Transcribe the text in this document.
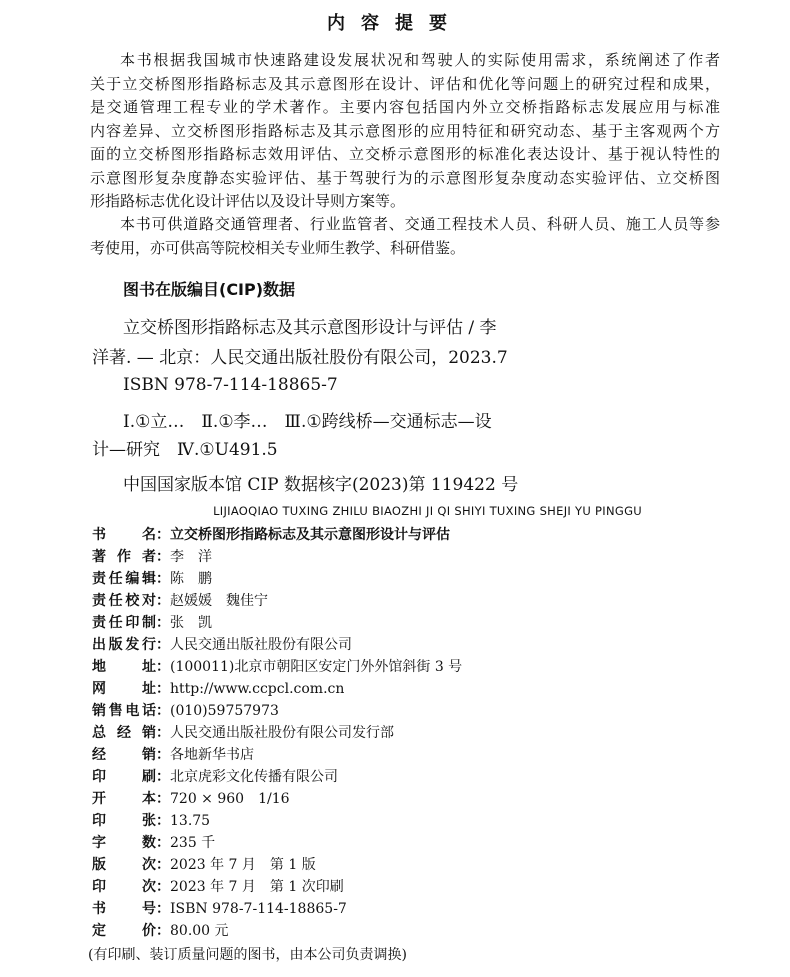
内容提要
本书根据我国城市快速路建设发展状况和驾驶人的实际使用需求，系统阐述了作者
关于立交桥图形指路标志及其示意图形在设计、评估和优化等问题上的研究过程和成果，
是交通管理工程专业的学术著作。主要内容包括国内外立交桥指路标志发展应用与标准
内容差异、立交桥图形指路标志及其示意图形的应用特征和研究动态、基于主客观两个方
面的立交桥图形指路标志效用评估、立交桥示意图形的标准化表达设计、基于视认特性的
示意图形复杂度静态实验评估、基于驾驶行为的示意图形复杂度动态实验评估、立交桥图
形指路标志优化设计评估以及设计导则方案等。
本书可供道路交通管理者、行业监管者、交通工程技术人员、科研人员、施工人员等参
考使用，亦可供高等院校相关专业师生教学、科研借鉴。
图书在版编目(CIP)数据
立交桥图形指路标志及其示意图形设计与评估 / 李
洋著. — 北京：人民交通出版社股份有限公司，2023.7
ISBN 978-7-114-18865-7
Ⅰ.①立…　Ⅱ.①李…　Ⅲ.①跨线桥—交通标志—设
计—研究　Ⅳ.①U491.5
中国国家版本馆 CIP 数据核字(2023)第 119422 号
LIJIAOQIAO TUXING ZHILU BIAOZHI JI QI SHIYI TUXING SHEJI YU PINGGU
书名：立交桥图形指路标志及其示意图形设计与评估
著作者：李　洋
责任编辑：陈　鹏
责任校对：赵媛媛　魏佳宁
责任印制：张　凯
出版发行：人民交通出版社股份有限公司
地址：(100011)北京市朝阳区安定门外外馆斜街 3 号
网址：http://www.ccpcl.com.cn
销售电话：(010)59757973
总经销：人民交通出版社股份有限公司发行部
经销：各地新华书店
印刷：北京虎彩文化传播有限公司
开本：720 × 960　1/16
印张：13.75
字数：235 千
版次：2023 年 7 月　第 1 版
印次：2023 年 7 月　第 1 次印刷
书号：ISBN 978-7-114-18865-7
定价：80.00 元
(有印刷、装订质量问题的图书，由本公司负责调换)
